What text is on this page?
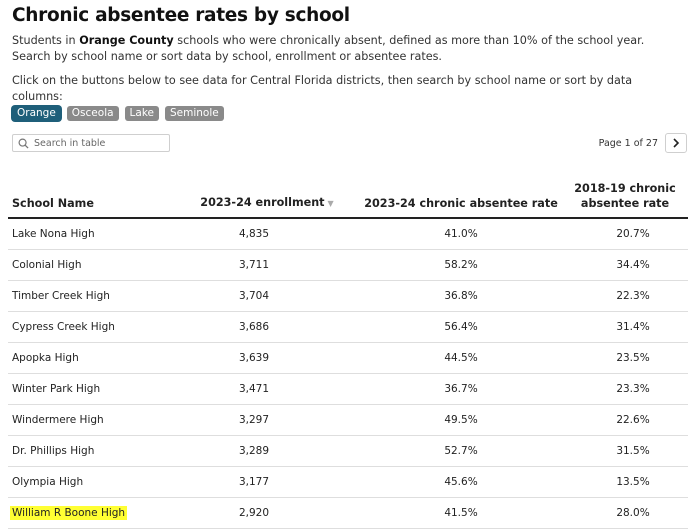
Chronic absentee rates by school

Students in Orange County schools who were chronically absent, defined as more than 10% of the school year. Search by school name or sort data by school, enrollment or absentee rates.

Click on the buttons below to see data for Central Florida districts, then search by school name or sort by data columns:

Orange	Osceola	Lake	Seminole
Search in table
Page 1 of 27
School Name	2023-24 enrollment ▼	2023-24 chronic absentee rate	2018-19 chronic absentee rate
Lake Nona High	4,835	41.0%	20.7%
Colonial High	3,711	58.2%	34.4%
Timber Creek High	3,704	36.8%	22.3%
Cypress Creek High	3,686	56.4%	31.4%
Apopka High	3,639	44.5%	23.5%
Winter Park High	3,471	36.7%	23.3%
Windermere High	3,297	49.5%	22.6%
Dr. Phillips High	3,289	52.7%	31.5%
Olympia High	3,177	45.6%	13.5%
William R Boone High	2,920	41.5%	28.0%
